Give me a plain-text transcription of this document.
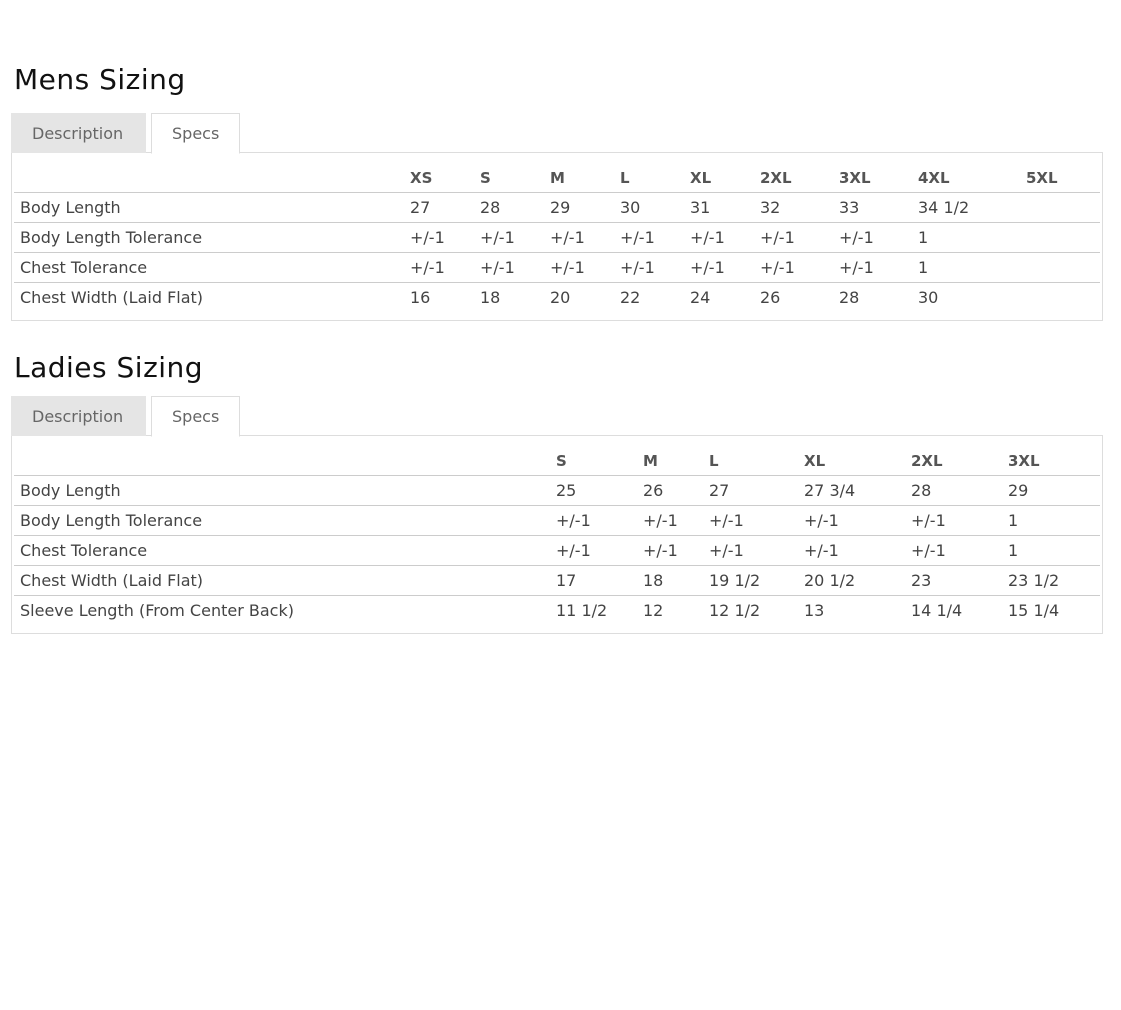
Mens Sizing
Description	Specs
	XS	S	M	L	XL	2XL	3XL	4XL	5XL
Body Length	27	28	29	30	31	32	33	34 1/2	
Body Length Tolerance	+/-1	+/-1	+/-1	+/-1	+/-1	+/-1	+/-1	1	
Chest Tolerance	+/-1	+/-1	+/-1	+/-1	+/-1	+/-1	+/-1	1	
Chest Width (Laid Flat)	16	18	20	22	24	26	28	30	
Ladies Sizing
Description	Specs
	S	M	L	XL	2XL	3XL
Body Length	25	26	27	27 3/4	28	29
Body Length Tolerance	+/-1	+/-1	+/-1	+/-1	+/-1	1
Chest Tolerance	+/-1	+/-1	+/-1	+/-1	+/-1	1
Chest Width (Laid Flat)	17	18	19 1/2	20 1/2	23	23 1/2
Sleeve Length (From Center Back)	11 1/2	12	12 1/2	13	14 1/4	15 1/4
